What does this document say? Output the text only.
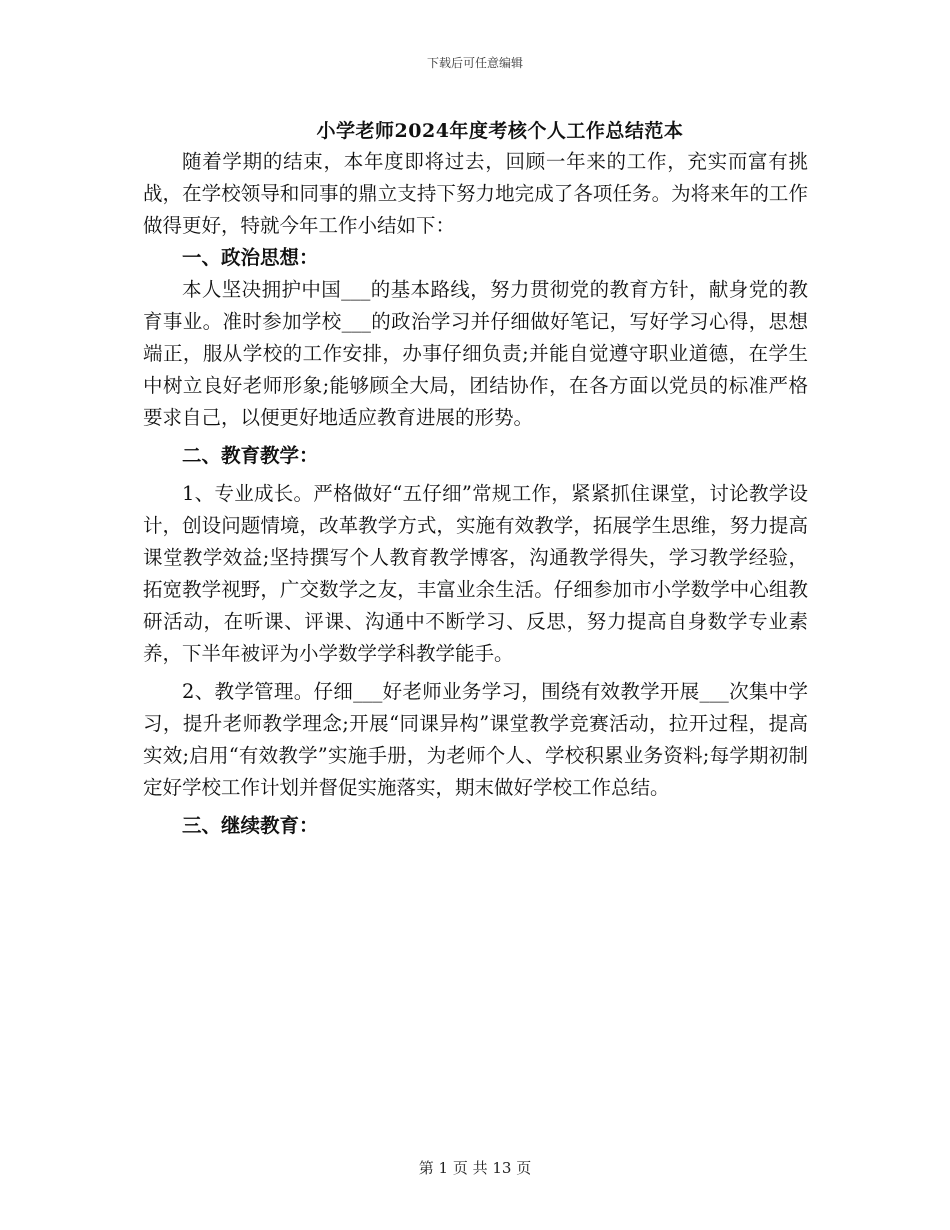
下载后可任意编辑
小学老师2024年度考核个人工作总结范本

随着学期的结束，本年度即将过去，回顾一年来的工作，充实而富有挑战，在学校领导和同事的鼎立支持下努力地完成了各项任务。为将来年的工作做得更好，特就今年工作小结如下：

一、政治思想：

本人坚决拥护中国___的基本路线，努力贯彻党的教育方针，献身党的教育事业。准时参加学校___的政治学习并仔细做好笔记，写好学习心得，思想端正，服从学校的工作安排，办事仔细负责;并能自觉遵守职业道德，在学生中树立良好老师形象;能够顾全大局，团结协作，在各方面以党员的标准严格要求自己，以便更好地适应教育进展的形势。

二、教育教学：

1、专业成长。严格做好“五仔细”常规工作，紧紧抓住课堂，讨论教学设计，创设问题情境，改革教学方式，实施有效教学，拓展学生思维，努力提高课堂教学效益;坚持撰写个人教育教学博客，沟通教学得失，学习教学经验，拓宽教学视野，广交数学之友，丰富业余生活。仔细参加市小学数学中心组教研活动，在听课、评课、沟通中不断学习、反思，努力提高自身数学专业素养，下半年被评为小学数学学科教学能手。

2、教学管理。仔细___好老师业务学习，围绕有效教学开展___次集中学习，提升老师教学理念;开展“同课异构”课堂教学竞赛活动，拉开过程，提高实效;启用“有效教学”实施手册，为老师个人、学校积累业务资料;每学期初制定好学校工作计划并督促实施落实，期末做好学校工作总结。

三、继续教育：

第 1 页 共 13 页
